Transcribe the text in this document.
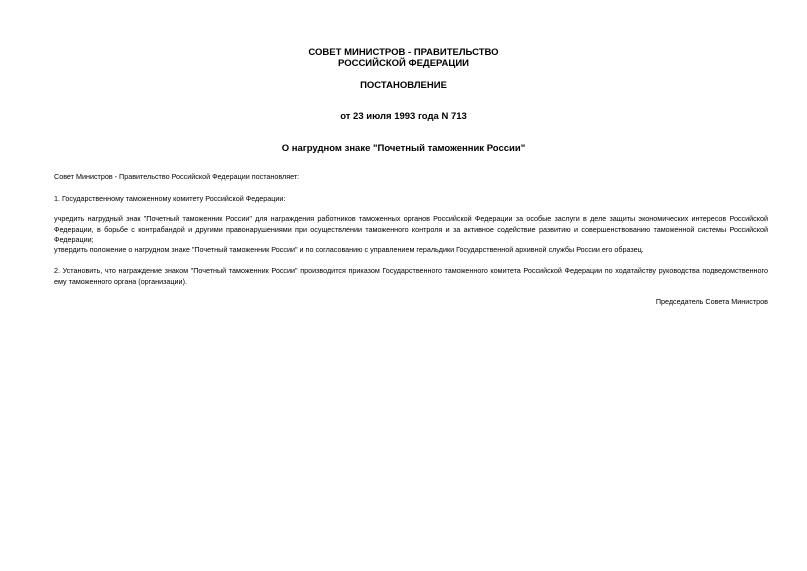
СОВЕТ МИНИСТРОВ - ПРАВИТЕЛЬСТВО
РОССИЙСКОЙ ФЕДЕРАЦИИ
ПОСТАНОВЛЕНИЕ
от 23 июля 1993 года N 713
О нагрудном знаке "Почетный таможенник России"
Совет Министров - Правительство Российской Федерации постановляет:
1. Государственному таможенному комитету Российской Федерации:
учредить нагрудный знак "Почетный таможенник России" для награждения работников таможенных органов Российской Федерации за особые заслуги в деле защиты экономических интересов Российской Федерации, в борьбе с контрабандой и другими правонарушениями при осуществлении таможенного контроля и за активное содействие развитию и совершенствованию таможенной системы Российской Федерации;
утвердить положение о нагрудном знаке "Почетный таможенник России" и по согласованию с управлением геральдики Государственной архивной службы России его образец.
2. Установить, что награждение знаком "Почетный таможенник России" производится приказом Государственного таможенного комитета Российской Федерации по ходатайству руководства подведомственного ему таможенного органа (организации).
Председатель Совета Министров
